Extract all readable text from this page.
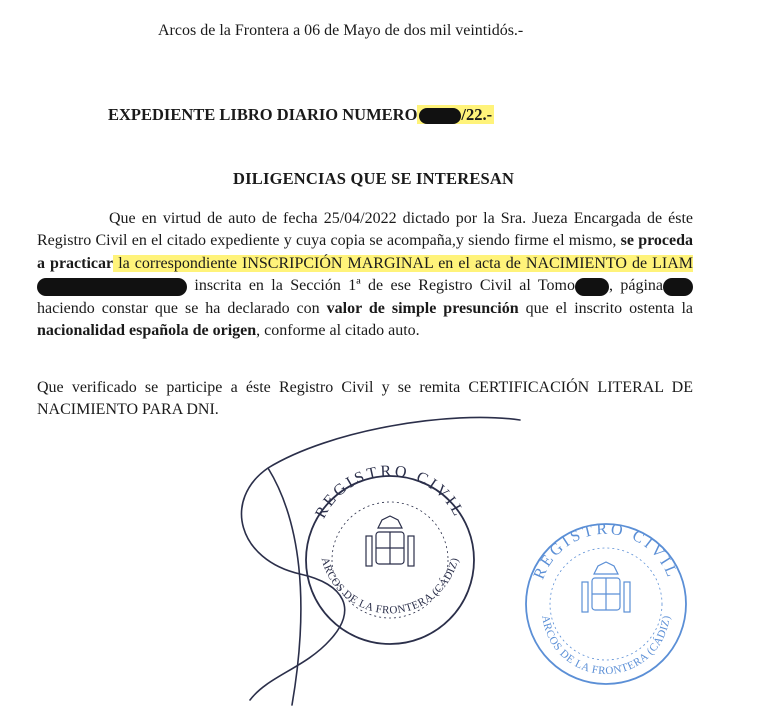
Arcos de la Frontera a 06 de Mayo de dos mil veintidós.-
EXPEDIENTE LIBRO DIARIO NUMERO	/22.-
DILIGENCIAS QUE SE INTERESAN
Que en virtud de auto de fecha 25/04/2022 dictado por la Sra. Jueza Encargada de éste Registro Civil en el citado expediente y cuya copia se acompaña,y siendo firme el mismo, se proceda a practicar la correspondiente INSCRIPCIÓN MARGINAL en el acta de NACIMIENTO de LIAM inscrita en la Sección 1ª de ese Registro Civil al Tomo , página haciendo constar que se ha declarado con valor de simple presunción que el inscrito ostenta la nacionalidad española de origen, conforme al citado auto.
Que verificado se participe a éste Registro Civil y se remita CERTIFICACIÓN LITERAL DE NACIMIENTO PARA DNI.
REGISTRO CIVIL
ARCOS DE LA FRONTERA (CÁDIZ)
REGISTRO CIVIL
ARCOS DE LA FRONTERA (CÁDIZ)
